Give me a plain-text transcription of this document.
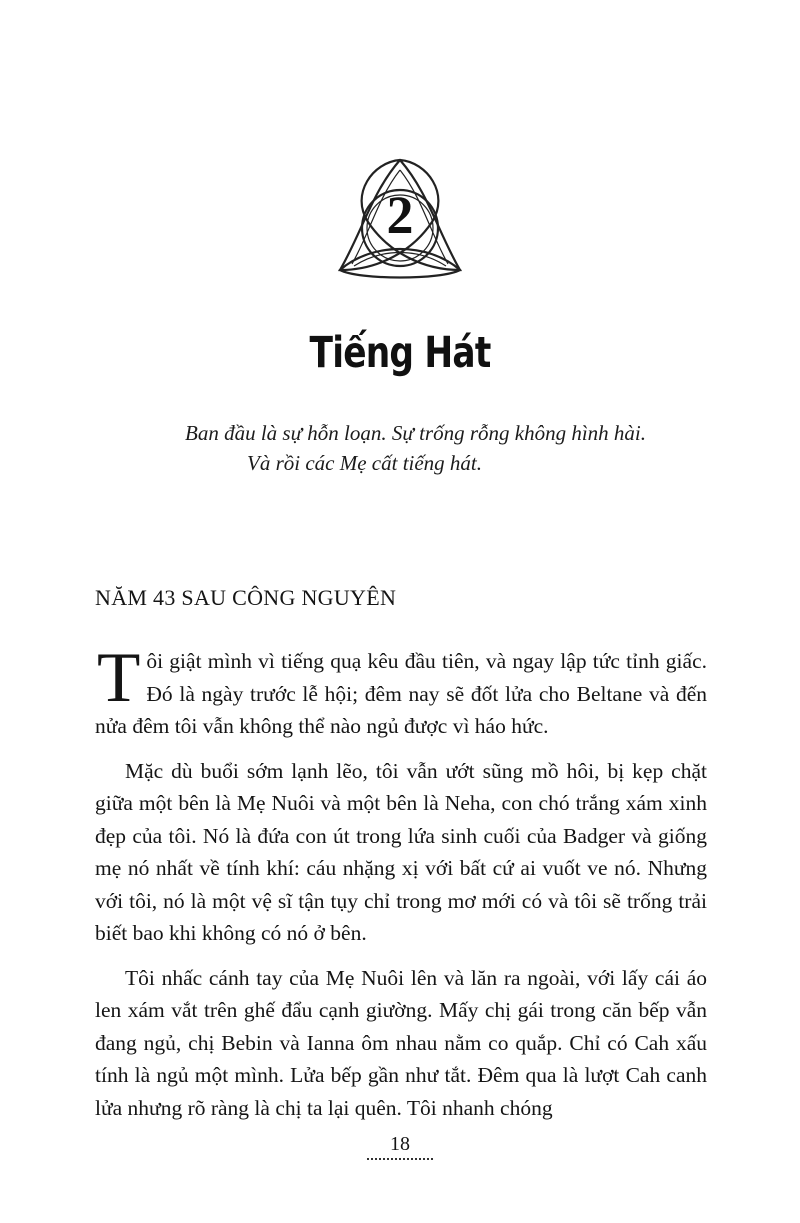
2
Tiếng Hát
Ban đầu là sự hỗn loạn. Sự trống rỗng không hình hài.
Và rồi các Mẹ cất tiếng hát.
NĂM 43 SAU CÔNG NGUYÊN

Tôi giật mình vì tiếng quạ kêu đầu tiên, và ngay lập tức tỉnh giấc. Đó là ngày trước lễ hội; đêm nay sẽ đốt lửa cho Beltane và đến nửa đêm tôi vẫn không thể nào ngủ được vì háo hức.

Mặc dù buổi sớm lạnh lẽo, tôi vẫn ướt sũng mồ hôi, bị kẹp chặt giữa một bên là Mẹ Nuôi và một bên là Neha, con chó trắng xám xinh đẹp của tôi. Nó là đứa con út trong lứa sinh cuối của Badger và giống mẹ nó nhất về tính khí: cáu nhặng xị với bất cứ ai vuốt ve nó. Nhưng với tôi, nó là một vệ sĩ tận tụy chỉ trong mơ mới có và tôi sẽ trống trải biết bao khi không có nó ở bên.

Tôi nhấc cánh tay của Mẹ Nuôi lên và lăn ra ngoài, với lấy cái áo len xám vắt trên ghế đẩu cạnh giường. Mấy chị gái trong căn bếp vẫn đang ngủ, chị Bebin và Ianna ôm nhau nằm co quắp. Chỉ có Cah xấu tính là ngủ một mình. Lửa bếp gần như tắt. Đêm qua là lượt Cah canh lửa nhưng rõ ràng là chị ta lại quên. Tôi nhanh chóng

18
